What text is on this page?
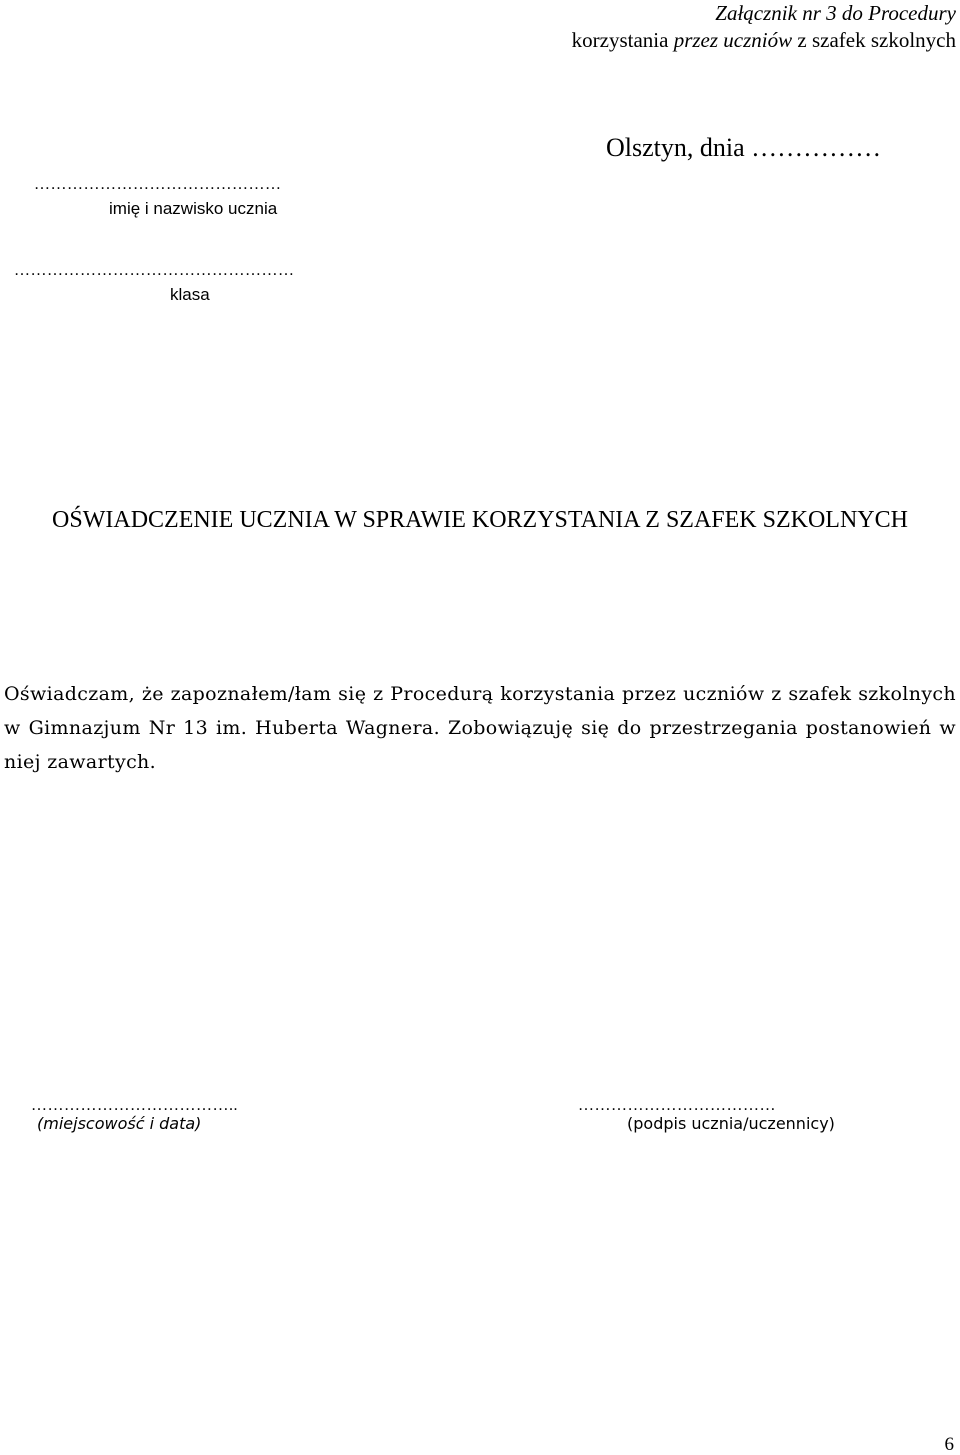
Załącznik nr 3 do Procedury
korzystania przez uczniów z szafek szkolnych
Olsztyn, dnia ……………
………………………………………
imię i nazwisko ucznia
……………………………………………
klasa
OŚWIADCZENIE UCZNIA W SPRAWIE KORZYSTANIA Z SZAFEK SZKOLNYCH
Oświadczam, że zapoznałem/łam się z Procedurą korzystania przez uczniów z szafek szkolnych w Gimnazjum Nr 13 im. Huberta Wagnera. Zobowiązuję się do przestrzegania postanowień w niej zawartych.
………………………………..
(miejscowość i data)
………………………………
(podpis ucznia/uczennicy)
6
